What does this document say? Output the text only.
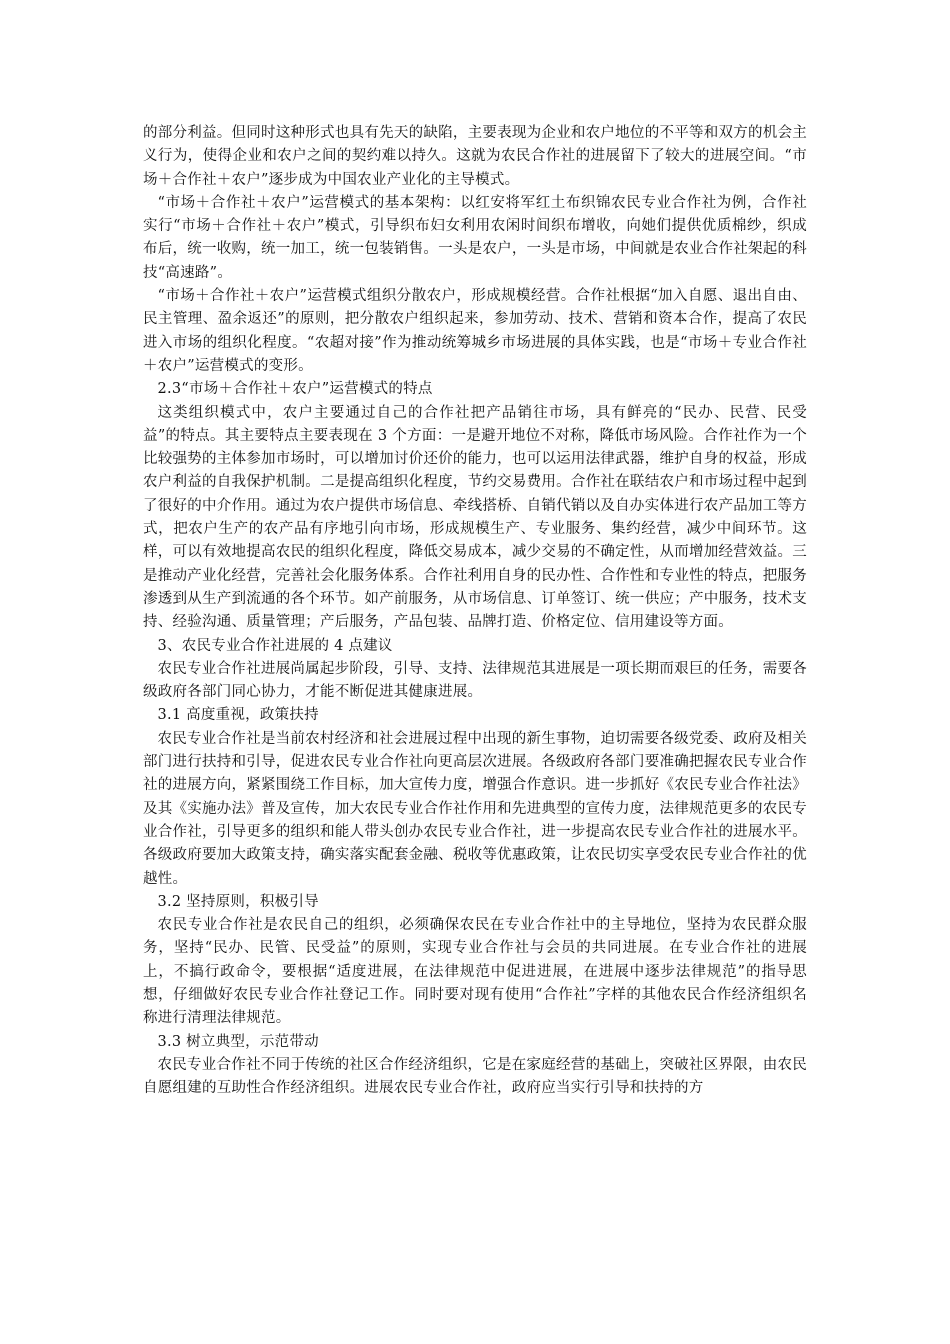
的部分利益。但同时这种形式也具有先天的缺陷，主要表现为企业和农户地位的不平等和双方的机会主义行为，使得企业和农户之间的契约难以持久。这就为农民合作社的进展留下了较大的进展空间。“市场＋合作社＋农户”逐步成为中国农业产业化的主导模式。

“市场＋合作社＋农户”运营模式的基本架构：以红安将军红土布织锦农民专业合作社为例，合作社实行“市场＋合作社＋农户”模式，引导织布妇女利用农闲时间织布增收，向她们提供优质棉纱，织成布后，统一收购，统一加工，统一包装销售。一头是农户，一头是市场，中间就是农业合作社架起的科技“高速路”。

“市场＋合作社＋农户”运营模式组织分散农户，形成规模经营。合作社根据“加入自愿、退出自由、民主管理、盈余返还”的原则，把分散农户组织起来，参加劳动、技术、营销和资本合作，提高了农民进入市场的组织化程度。“农超对接”作为推动统筹城乡市场进展的具体实践，也是“市场＋专业合作社＋农户”运营模式的变形。

2.3“市场＋合作社＋农户”运营模式的特点

这类组织模式中，农户主要通过自己的合作社把产品销往市场，具有鲜亮的“民办、民营、民受益”的特点。其主要特点主要表现在 3 个方面：一是避开地位不对称，降低市场风险。合作社作为一个比较强势的主体参加市场时，可以增加讨价还价的能力，也可以运用法律武器，维护自身的权益，形成农户利益的自我保护机制。二是提高组织化程度，节约交易费用。合作社在联结农户和市场过程中起到了很好的中介作用。通过为农户提供市场信息、牵线搭桥、自销代销以及自办实体进行农产品加工等方式，把农户生产的农产品有序地引向市场，形成规模生产、专业服务、集约经营，减少中间环节。这样，可以有效地提高农民的组织化程度，降低交易成本，减少交易的不确定性，从而增加经营效益。三是推动产业化经营，完善社会化服务体系。合作社利用自身的民办性、合作性和专业性的特点，把服务渗透到从生产到流通的各个环节。如产前服务，从市场信息、订单签订、统一供应；产中服务，技术支持、经验沟通、质量管理；产后服务，产品包装、品牌打造、价格定位、信用建设等方面。

3、农民专业合作社进展的 4 点建议

农民专业合作社进展尚属起步阶段，引导、支持、法律规范其进展是一项长期而艰巨的任务，需要各级政府各部门同心协力，才能不断促进其健康进展。

3.1 高度重视，政策扶持

农民专业合作社是当前农村经济和社会进展过程中出现的新生事物，迫切需要各级党委、政府及相关部门进行扶持和引导，促进农民专业合作社向更高层次进展。各级政府各部门要准确把握农民专业合作社的进展方向，紧紧围绕工作目标，加大宣传力度，增强合作意识。进一步抓好《农民专业合作社法》及其《实施办法》普及宣传，加大农民专业合作社作用和先进典型的宣传力度，法律规范更多的农民专业合作社，引导更多的组织和能人带头创办农民专业合作社，进一步提高农民专业合作社的进展水平。各级政府要加大政策支持，确实落实配套金融、税收等优惠政策，让农民切实享受农民专业合作社的优越性。

3.2 坚持原则，积极引导

农民专业合作社是农民自己的组织，必须确保农民在专业合作社中的主导地位，坚持为农民群众服务，坚持“民办、民管、民受益”的原则，实现专业合作社与会员的共同进展。在专业合作社的进展上，不搞行政命令，要根据“适度进展，在法律规范中促进进展，在进展中逐步法律规范”的指导思想，仔细做好农民专业合作社登记工作。同时要对现有使用“合作社”字样的其他农民合作经济组织名称进行清理法律规范。

3.3 树立典型，示范带动

农民专业合作社不同于传统的社区合作经济组织，它是在家庭经营的基础上，突破社区界限，由农民自愿组建的互助性合作经济组织。进展农民专业合作社，政府应当实行引导和扶持的方
